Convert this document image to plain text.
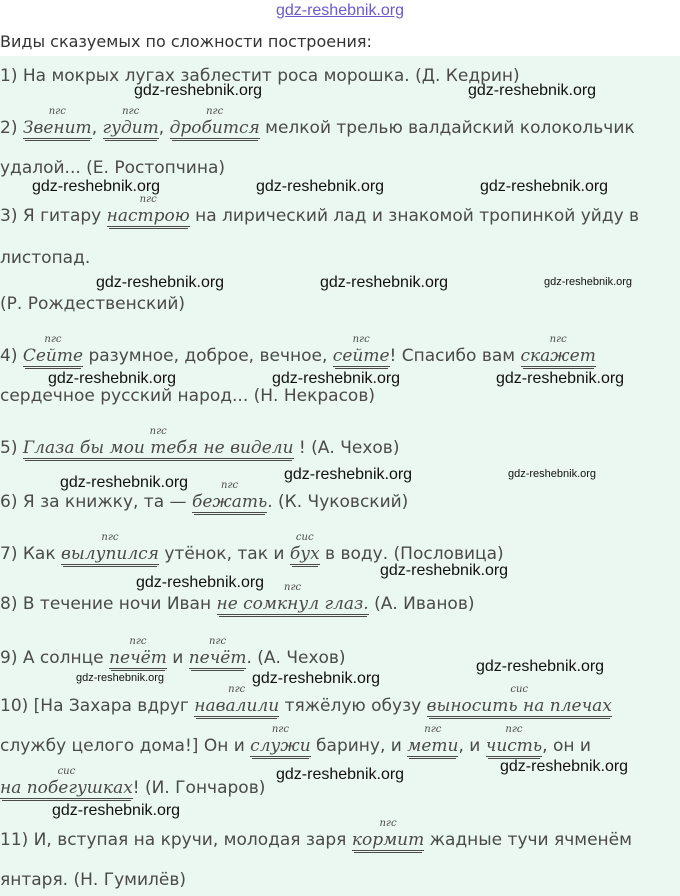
gdz-reshebnik.org
Виды сказуемых по сложности построения:
1) На мокрых лугах заблестит роса морошка. (Д. Кедрин)
2)
пгс
Звенит,
пгс
гудит,
пгс
дробится мелкой трелью валдайский колокольчик
удалой... (Е. Ростопчина)
3) Я гитару
пгс
настрою на лирический лад и знакомой тропинкой уйду в
листопад.
(Р. Рождественский)
4)
пгс
Сейте разумное, доброе, вечное,
пгс
сейте! Спасибо вам
пгс
скажет
сердечное русский народ... (Н. Некрасов)
5)
пгс
Глаза бы мои тебя не видели ! (А. Чехов)
6) Я за книжку, та —
пгс
бежать. (К. Чуковский)
7) Как
пгс
вылупился утёнок, так и
сис
бух в воду. (Пословица)
8) В течение ночи Иван
пгс
не сомкнул глаз. (А. Иванов)
9) А солнце
пгс
печёт и
пгс
печёт. (А. Чехов)
10) [На Захара вдруг
пгс
навалили тяжёлую обузу
сис
выносить на плечах
службу целого дома!] Он и
пгс
служи барину, и
пгс
мети, и
пгс
чисть, он и
сис
на побегушках! (И. Гончаров)
11) И, вступая на кручи, молодая заря
пгс
кормит жадные тучи ячменём
янтаря. (Н. Гумилёв)
gdz-reshebnik.org	gdz-reshebnik.org
gdz-reshebnik.org	gdz-reshebnik.org	gdz-reshebnik.org
gdz-reshebnik.org	gdz-reshebnik.org	gdz-reshebnik.org
gdz-reshebnik.org	gdz-reshebnik.org	gdz-reshebnik.org
gdz-reshebnik.org	gdz-reshebnik.org	gdz-reshebnik.org
gdz-reshebnik.org
gdz-reshebnik.org
gdz-reshebnik.org	gdz-reshebnik.org
gdz-reshebnik.org
gdz-reshebnik.org	gdz-reshebnik.org
gdz-reshebnik.org
